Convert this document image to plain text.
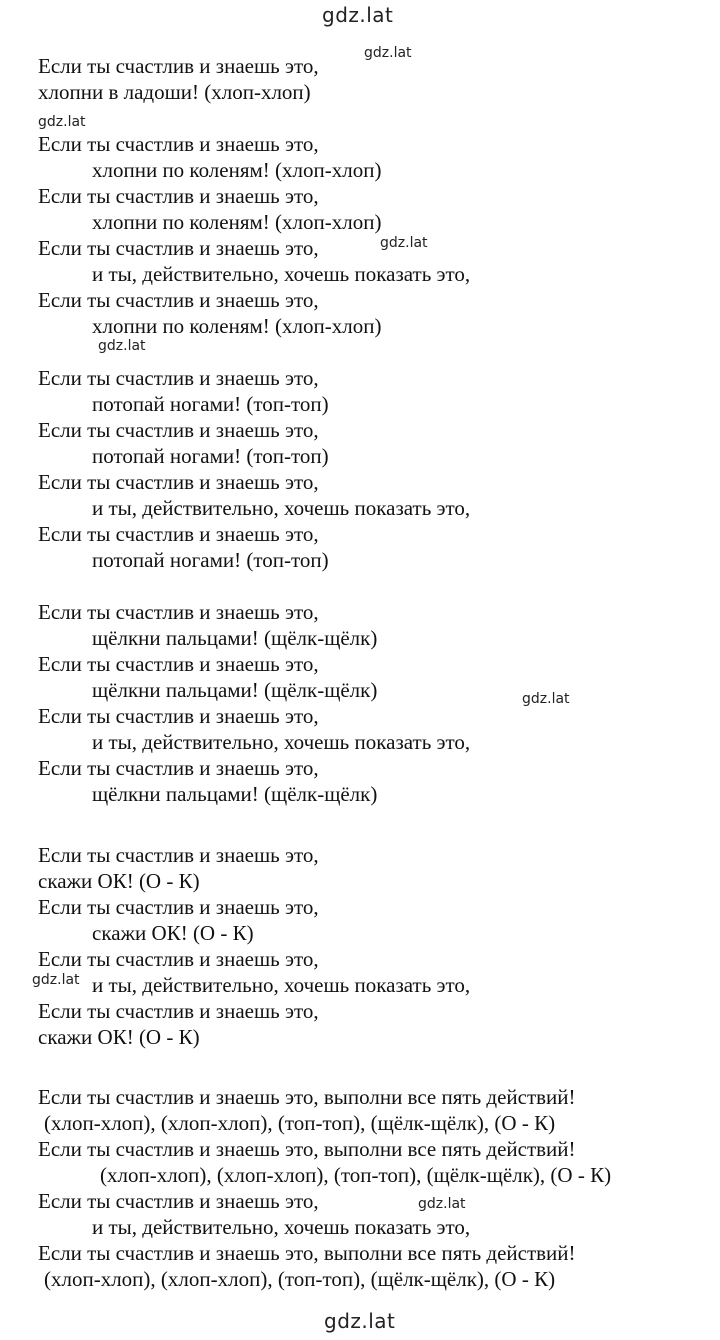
gdz.lat
gdz.lat
gdz.lat
gdz.lat
gdz.lat
gdz.lat
gdz.lat
gdz.lat
gdz.lat
Если ты счастлив и знаешь это,
хлопни в ладоши! (хлоп-хлоп)
Если ты счастлив и знаешь это,
хлопни по коленям! (хлоп-хлоп)
Если ты счастлив и знаешь это,
хлопни по коленям! (хлоп-хлоп)
Если ты счастлив и знаешь это,
и ты, действительно, хочешь показать это,
Если ты счастлив и знаешь это,
хлопни по коленям! (хлоп-хлоп)
Если ты счастлив и знаешь это,
потопай ногами! (топ-топ)
Если ты счастлив и знаешь это,
потопай ногами! (топ-топ)
Если ты счастлив и знаешь это,
и ты, действительно, хочешь показать это,
Если ты счастлив и знаешь это,
потопай ногами! (топ-топ)
Если ты счастлив и знаешь это,
щёлкни пальцами! (щёлк-щёлк)
Если ты счастлив и знаешь это,
щёлкни пальцами! (щёлк-щёлк)
Если ты счастлив и знаешь это,
и ты, действительно, хочешь показать это,
Если ты счастлив и знаешь это,
щёлкни пальцами! (щёлк-щёлк)
Если ты счастлив и знаешь это,
скажи ОК! (О - К)
Если ты счастлив и знаешь это,
скажи ОК! (О - К)
Если ты счастлив и знаешь это,
и ты, действительно, хочешь показать это,
Если ты счастлив и знаешь это,
скажи ОК! (О - К)
Если ты счастлив и знаешь это, выполни все пять действий!
(хлоп-хлоп), (хлоп-хлоп), (топ-топ), (щёлк-щёлк), (О - К)
Если ты счастлив и знаешь это, выполни все пять действий!
(хлоп-хлоп), (хлоп-хлоп), (топ-топ), (щёлк-щёлк), (О - К)
Если ты счастлив и знаешь это,
и ты, действительно, хочешь показать это,
Если ты счастлив и знаешь это, выполни все пять действий!
(хлоп-хлоп), (хлоп-хлоп), (топ-топ), (щёлк-щёлк), (О - К)
